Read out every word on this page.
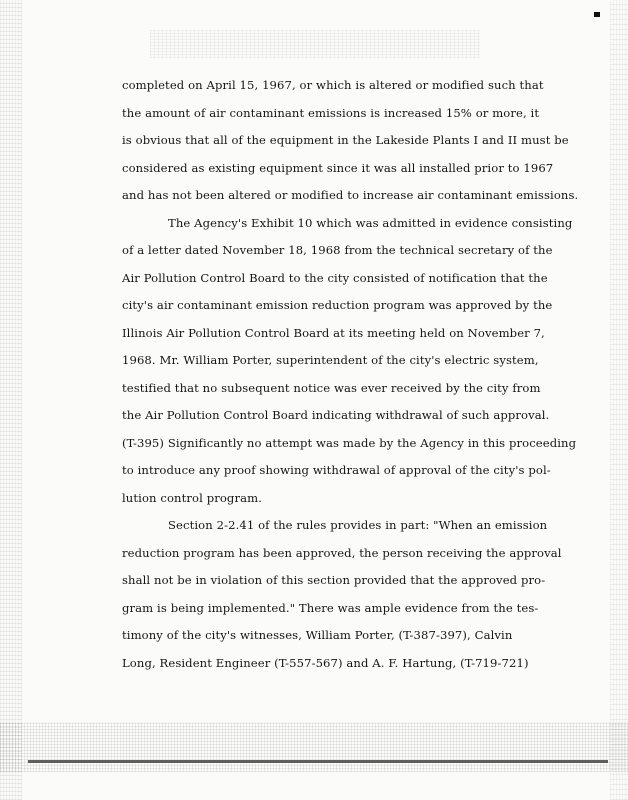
completed on April 15, 1967, or which is altered or modified such that
the amount of air contaminant emissions is increased 15% or more, it
is obvious that all of the equipment in the Lakeside Plants I and II must be
considered as existing equipment since it was all installed prior to 1967
and has not been altered or modified to increase air contaminant emissions.
The Agency's Exhibit 10 which was admitted in evidence consisting
of a letter dated November 18, 1968 from the technical secretary of the
Air Pollution Control Board to the city consisted of notification that the
city's air contaminant emission reduction program was approved by the
Illinois Air Pollution Control Board at its meeting held on November 7,
1968. Mr. William Porter, superintendent of the city's electric system,
testified that no subsequent notice was ever received by the city from
the Air Pollution Control Board indicating withdrawal of such approval.
(T-395) Significantly no attempt was made by the Agency in this proceeding
to introduce any proof showing withdrawal of approval of the city's pol-
lution control program.
Section 2-2.41 of the rules provides in part: "When an emission
reduction program has been approved, the person receiving the approval
shall not be in violation of this section provided that the approved pro-
gram is being implemented." There was ample evidence from the tes-
timony of the city's witnesses, William Porter, (T-387-397), Calvin
Long, Resident Engineer (T-557-567) and A. F. Hartung, (T-719-721)
